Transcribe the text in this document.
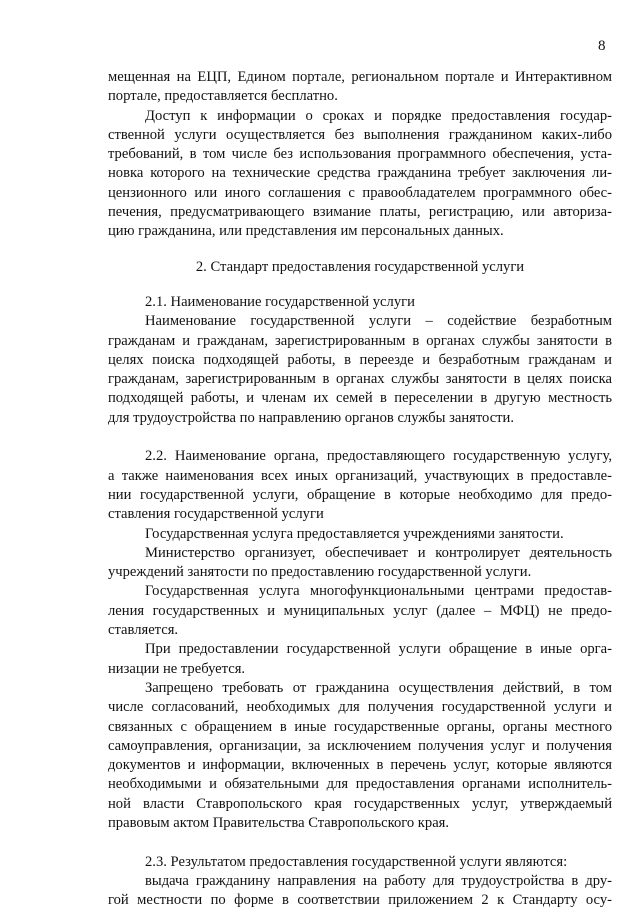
8
мещенная на ЕЦП, Едином портале, региональном портале и Интерактивном
портале, предоставляется бесплатно.
Доступ к информации о сроках и порядке предоставления государ-
ственной услуги осуществляется без выполнения гражданином каких-либо
требований, в том числе без использования программного обеспечения, уста-
новка которого на технические средства гражданина требует заключения ли-
цензионного или иного соглашения с правообладателем программного обес-
печения, предусматривающего взимание платы, регистрацию, или авториза-
цию гражданина, или представления им персональных данных.
2. Стандарт предоставления государственной услуги
2.1. Наименование государственной услуги
Наименование государственной услуги – содействие безработным
гражданам и гражданам, зарегистрированным в органах службы занятости в
целях поиска подходящей работы, в переезде и безработным гражданам и
гражданам, зарегистрированным в органах службы занятости в целях поиска
подходящей работы, и членам их семей в переселении в другую местность
для трудоустройства по направлению органов службы занятости.
2.2. Наименование органа, предоставляющего государственную услугу,
а также наименования всех иных организаций, участвующих в предоставле-
нии государственной услуги, обращение в которые необходимо для предо-
ставления государственной услуги
Государственная услуга предоставляется учреждениями занятости.
Министерство организует, обеспечивает и контролирует деятельность
учреждений занятости по предоставлению государственной услуги.
Государственная услуга многофункциональными центрами предостав-
ления государственных и муниципальных услуг (далее – МФЦ) не предо-
ставляется.
При предоставлении государственной услуги обращение в иные орга-
низации не требуется.
Запрещено требовать от гражданина осуществления действий, в том
числе согласований, необходимых для получения государственной услуги и
связанных с обращением в иные государственные органы, органы местного
самоуправления, организации, за исключением получения услуг и получения
документов и информации, включенных в перечень услуг, которые являются
необходимыми и обязательными для предоставления органами исполнитель-
ной власти Ставропольского края государственных услуг, утверждаемый
правовым актом Правительства Ставропольского края.
2.3. Результатом предоставления государственной услуги являются:
выдача гражданину направления на работу для трудоустройства в дру-
гой местности по форме в соответствии приложением 2 к Стандарту осу-
